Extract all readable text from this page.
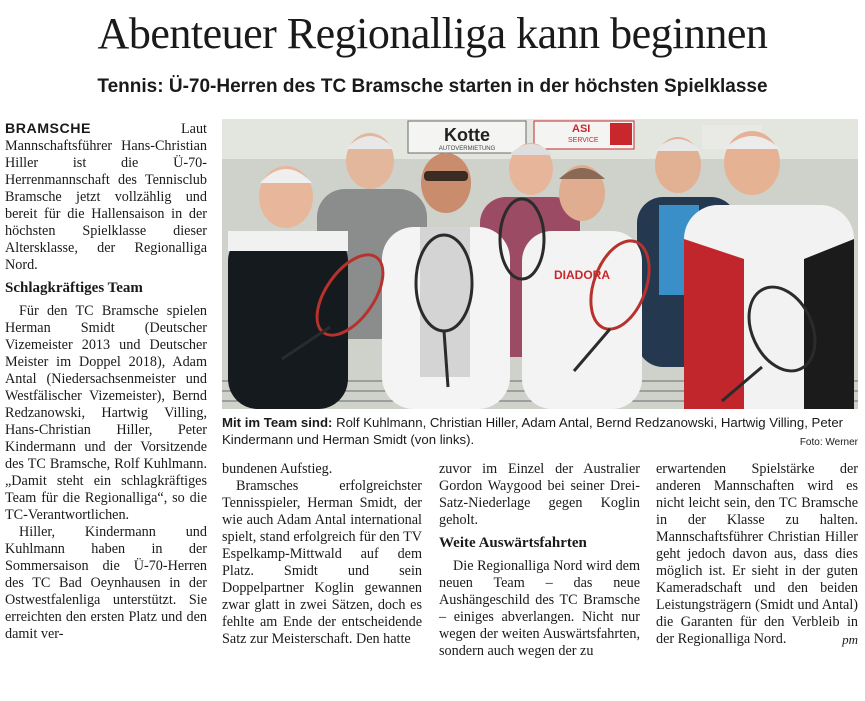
Abenteuer Regionalliga kann beginnen
Tennis: Ü-70-Herren des TC Bramsche starten in der höchsten Spielklasse

BRAMSCHE	Laut Mannschaftsführer Hans-Christian Hiller ist die Ü-70-Herrenmannschaft des Tennisclub Bramsche jetzt vollzählig und bereit für die Hallensaison in der höchsten Spielklasse dieser Altersklasse, der Regionalliga Nord.

Schlagkräftiges Team

Für den TC Bramsche spielen Herman Smidt (Deutscher Vizemeister 2013 und Deutscher Meister im Doppel 2018), Adam Antal (Niedersachsenmeister und Westfälischer Vizemeister), Bernd Redzanowski, Hartwig Villing, Hans-Christian Hiller, Peter Kindermann und der Vorsitzende des TC Bramsche, Rolf Kuhlmann. „Damit steht ein schlagkräftiges Team für die Regionalliga“, so die TC-Verantwortlichen.

Hiller, Kindermann und Kuhlmann haben in der Sommersaison die Ü-70-Herren des TC Bad Oeynhausen in der Ostwestfalenliga unterstützt. Sie erreichten den ersten Platz und den damit ver-

Kotte
AUTOVERMIETUNG
ASI
SERVICE
DIADORA
Mit im Team sind: Rolf Kuhlmann, Christian Hiller, Adam Antal, Bernd Redzanowski, Hartwig Villing, Peter Kindermann und Herman Smidt (von links).	Foto: Werner

bundenen Aufstieg.

Bramsches erfolgreichster Tennisspieler, Herman Smidt, der wie auch Adam Antal international spielt, stand erfolgreich für den TV Espelkamp-Mittwald auf dem Platz. Smidt und sein Doppelpartner Koglin gewannen zwar glatt in zwei Sätzen, doch es fehlte am Ende der entscheidende Satz zur Meisterschaft. Den hatte

zuvor im Einzel der Australier Gordon Waygood bei seiner Drei-Satz-Niederlage gegen Koglin geholt.

Weite Auswärtsfahrten

Die Regionalliga Nord wird dem neuen Team – das neue Aushängeschild des TC Bramsche – einiges abverlangen. Nicht nur wegen der weiten Auswärtsfahrten, sondern auch wegen der zu

erwartenden Spielstärke der anderen Mannschaften wird es nicht leicht sein, den TC Bramsche in der Klasse zu halten. Mannschaftsführer Christian Hiller geht jedoch davon aus, dass dies möglich ist. Er sieht in der guten Kameradschaft und den beiden Leistungsträgern (Smidt und Antal) die Garanten für den Verbleib in der Regionalliga Nord.	pm
